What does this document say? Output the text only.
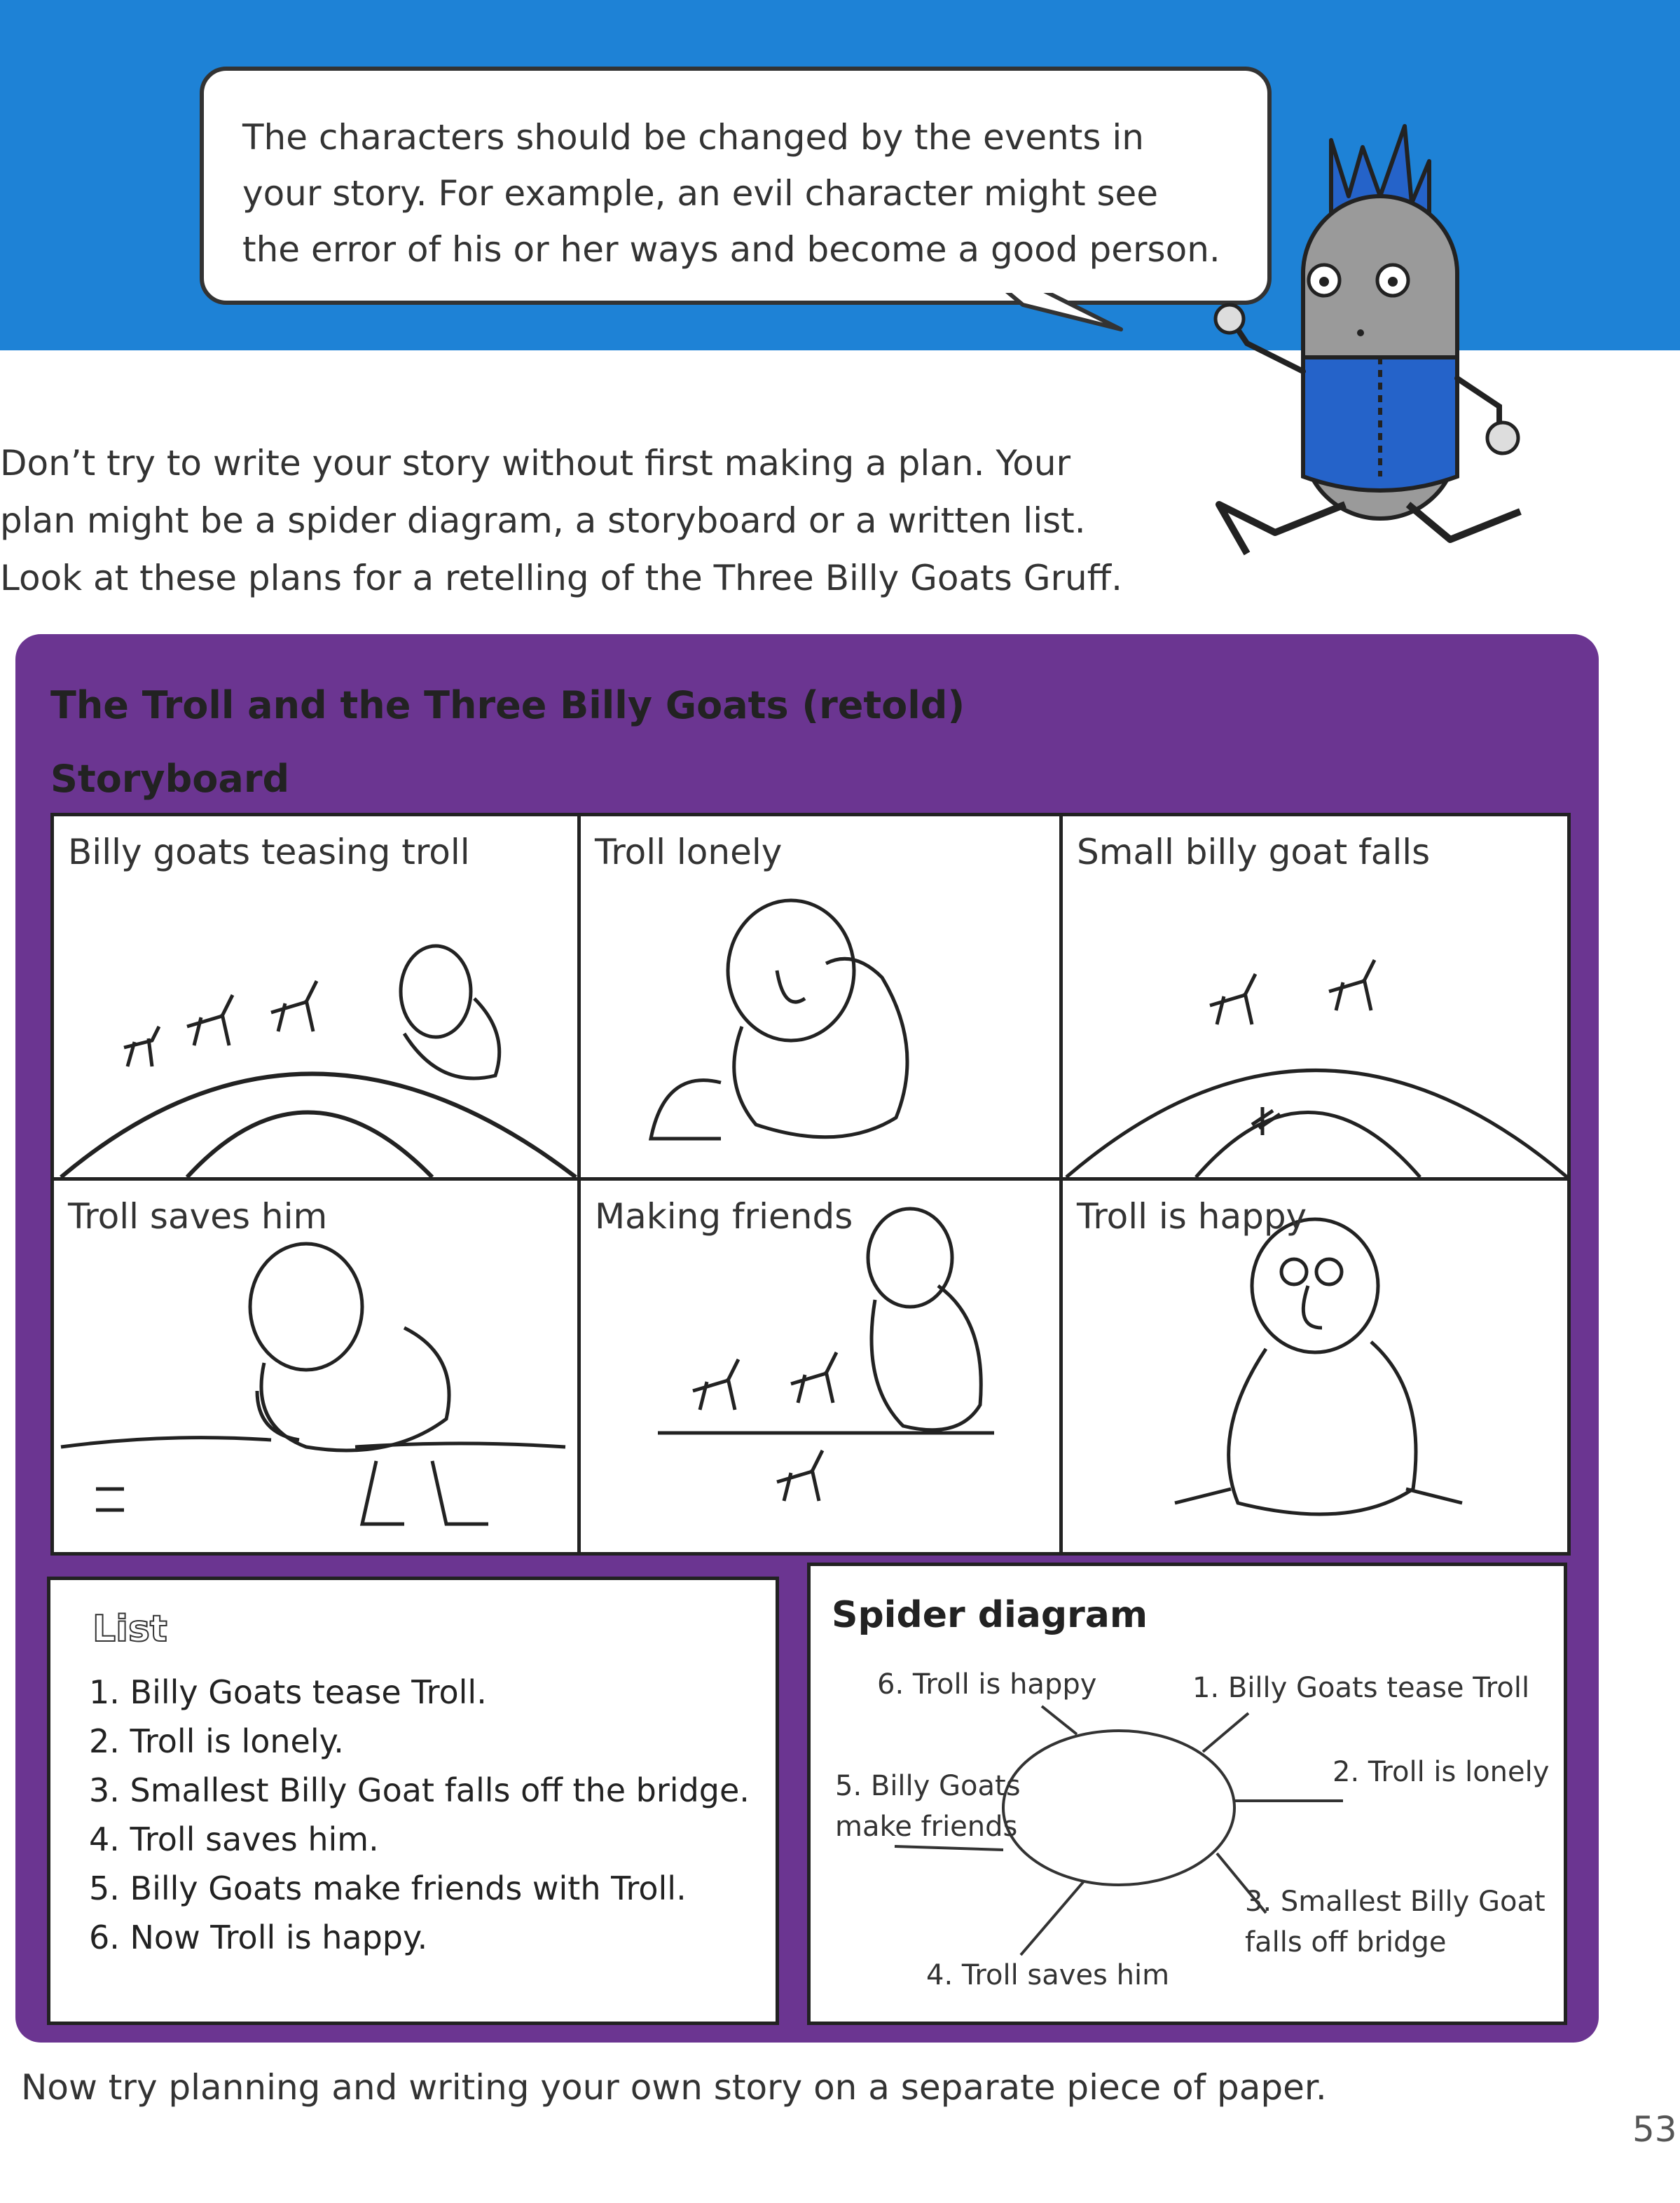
The characters should be changed by the events in
your story. For example, an evil character might see
the error of his or her ways and become a good person.
Don’t try to write your story without first making a plan. Your
plan might be a spider diagram, a storyboard or a written list.
Look at these plans for a retelling of the Three Billy Goats Gruff.
The Troll and the Three Billy Goats (retold)
Storyboard
Billy goats teasing troll	Troll lonely	Small billy goat falls
Troll saves him	Making friends	Troll is happy
List
1. Billy Goats tease Troll.
2. Troll is lonely.
3. Smallest Billy Goat falls off the bridge.
4. Troll saves him.
5. Billy Goats make friends with Troll.
6. Now Troll is happy.
Spider diagram
6. Troll is happy	1. Billy Goats tease Troll
2. Troll is lonely
5. Billy Goats
make friends
3. Smallest Billy Goat
falls off bridge
4. Troll saves him
Now try planning and writing your own story on a separate piece of paper.
53
